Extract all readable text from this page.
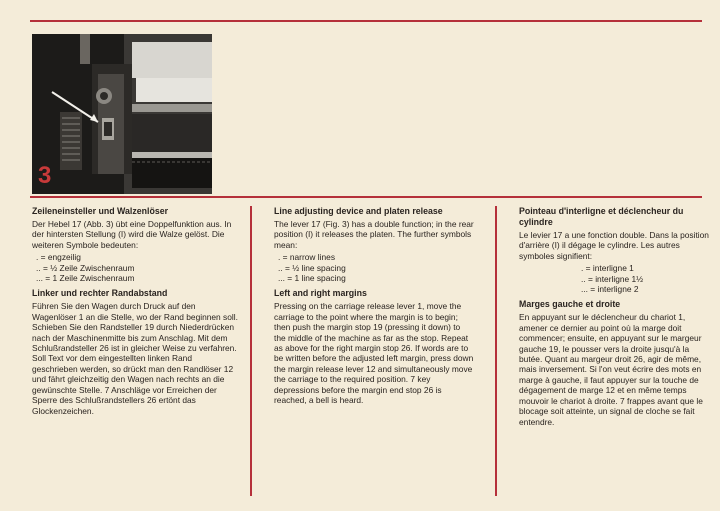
3
Zeileneinsteller und Walzenlöser

Der Hebel 17 (Abb. 3) übt eine Doppelfunktion aus. In der hintersten Stellung (I) wird die Walze gelöst. Die weiteren Symbole bedeuten:

. = engzeilig
.. = ½ Zeile Zwischenraum
... = 1 Zeile Zwischenraum
Linker und rechter Randabstand

Führen Sie den Wagen durch Druck auf den Wagenlöser 1 an die Stelle, wo der Rand beginnen soll. Schieben Sie den Randsteller 19 durch Niederdrücken nach der Maschinenmitte bis zum Anschlag. Mit dem Schlußrandsteller 26 ist in gleicher Weise zu verfahren. Soll Text vor dem eingestellten linken Rand geschrieben werden, so drückt man den Randlöser 12 und fährt gleichzeitig den Wagen nach rechts an die gewünschte Stelle. 7 Anschläge vor Erreichen der Sperre des Schlußrandstellers 26 ertönt das Glockenzeichen.

Line adjusting device and platen release

The lever 17 (Fig. 3) has a double function; in the rear position (I) it releases the platen. The further symbols mean:

. = narrow lines
.. = ½ line spacing
... = 1 line spacing
Left and right margins

Pressing on the carriage release lever 1, move the carriage to the point where the margin is to begin; then push the margin stop 19 (pressing it down) to the middle of the machine as far as the stop. Repeat as above for the right margin stop 26. If words are to be written before the adjusted left margin, press down the margin release lever 12 and simultaneously move the carriage to the required position. 7 key depressions before the margin end stop 26 is reached, a bell is heard.

Pointeau d'interligne et déclencheur du cylindre

Le levier 17 a une fonction double. Dans la position d'arrière (I) il dégage le cylindre. Les autres symboles signifient:

. = interligne 1
.. = interligne 1½
... = interligne 2
Marges gauche et droite

En appuyant sur le déclencheur du chariot 1, amener ce dernier au point où la marge doit commencer; ensuite, en appuyant sur le margeur gauche 19, le pousser vers la droite jusqu'à la butée. Quant au margeur droit 26, agir de même, mais inversement. Si l'on veut écrire des mots en marge à gauche, il faut appuyer sur la touche de dégagement de marge 12 et en même temps mouvoir le chariot à droite. 7 frappes avant que le blocage soit atteinte, un signal de cloche se fait entendre.
